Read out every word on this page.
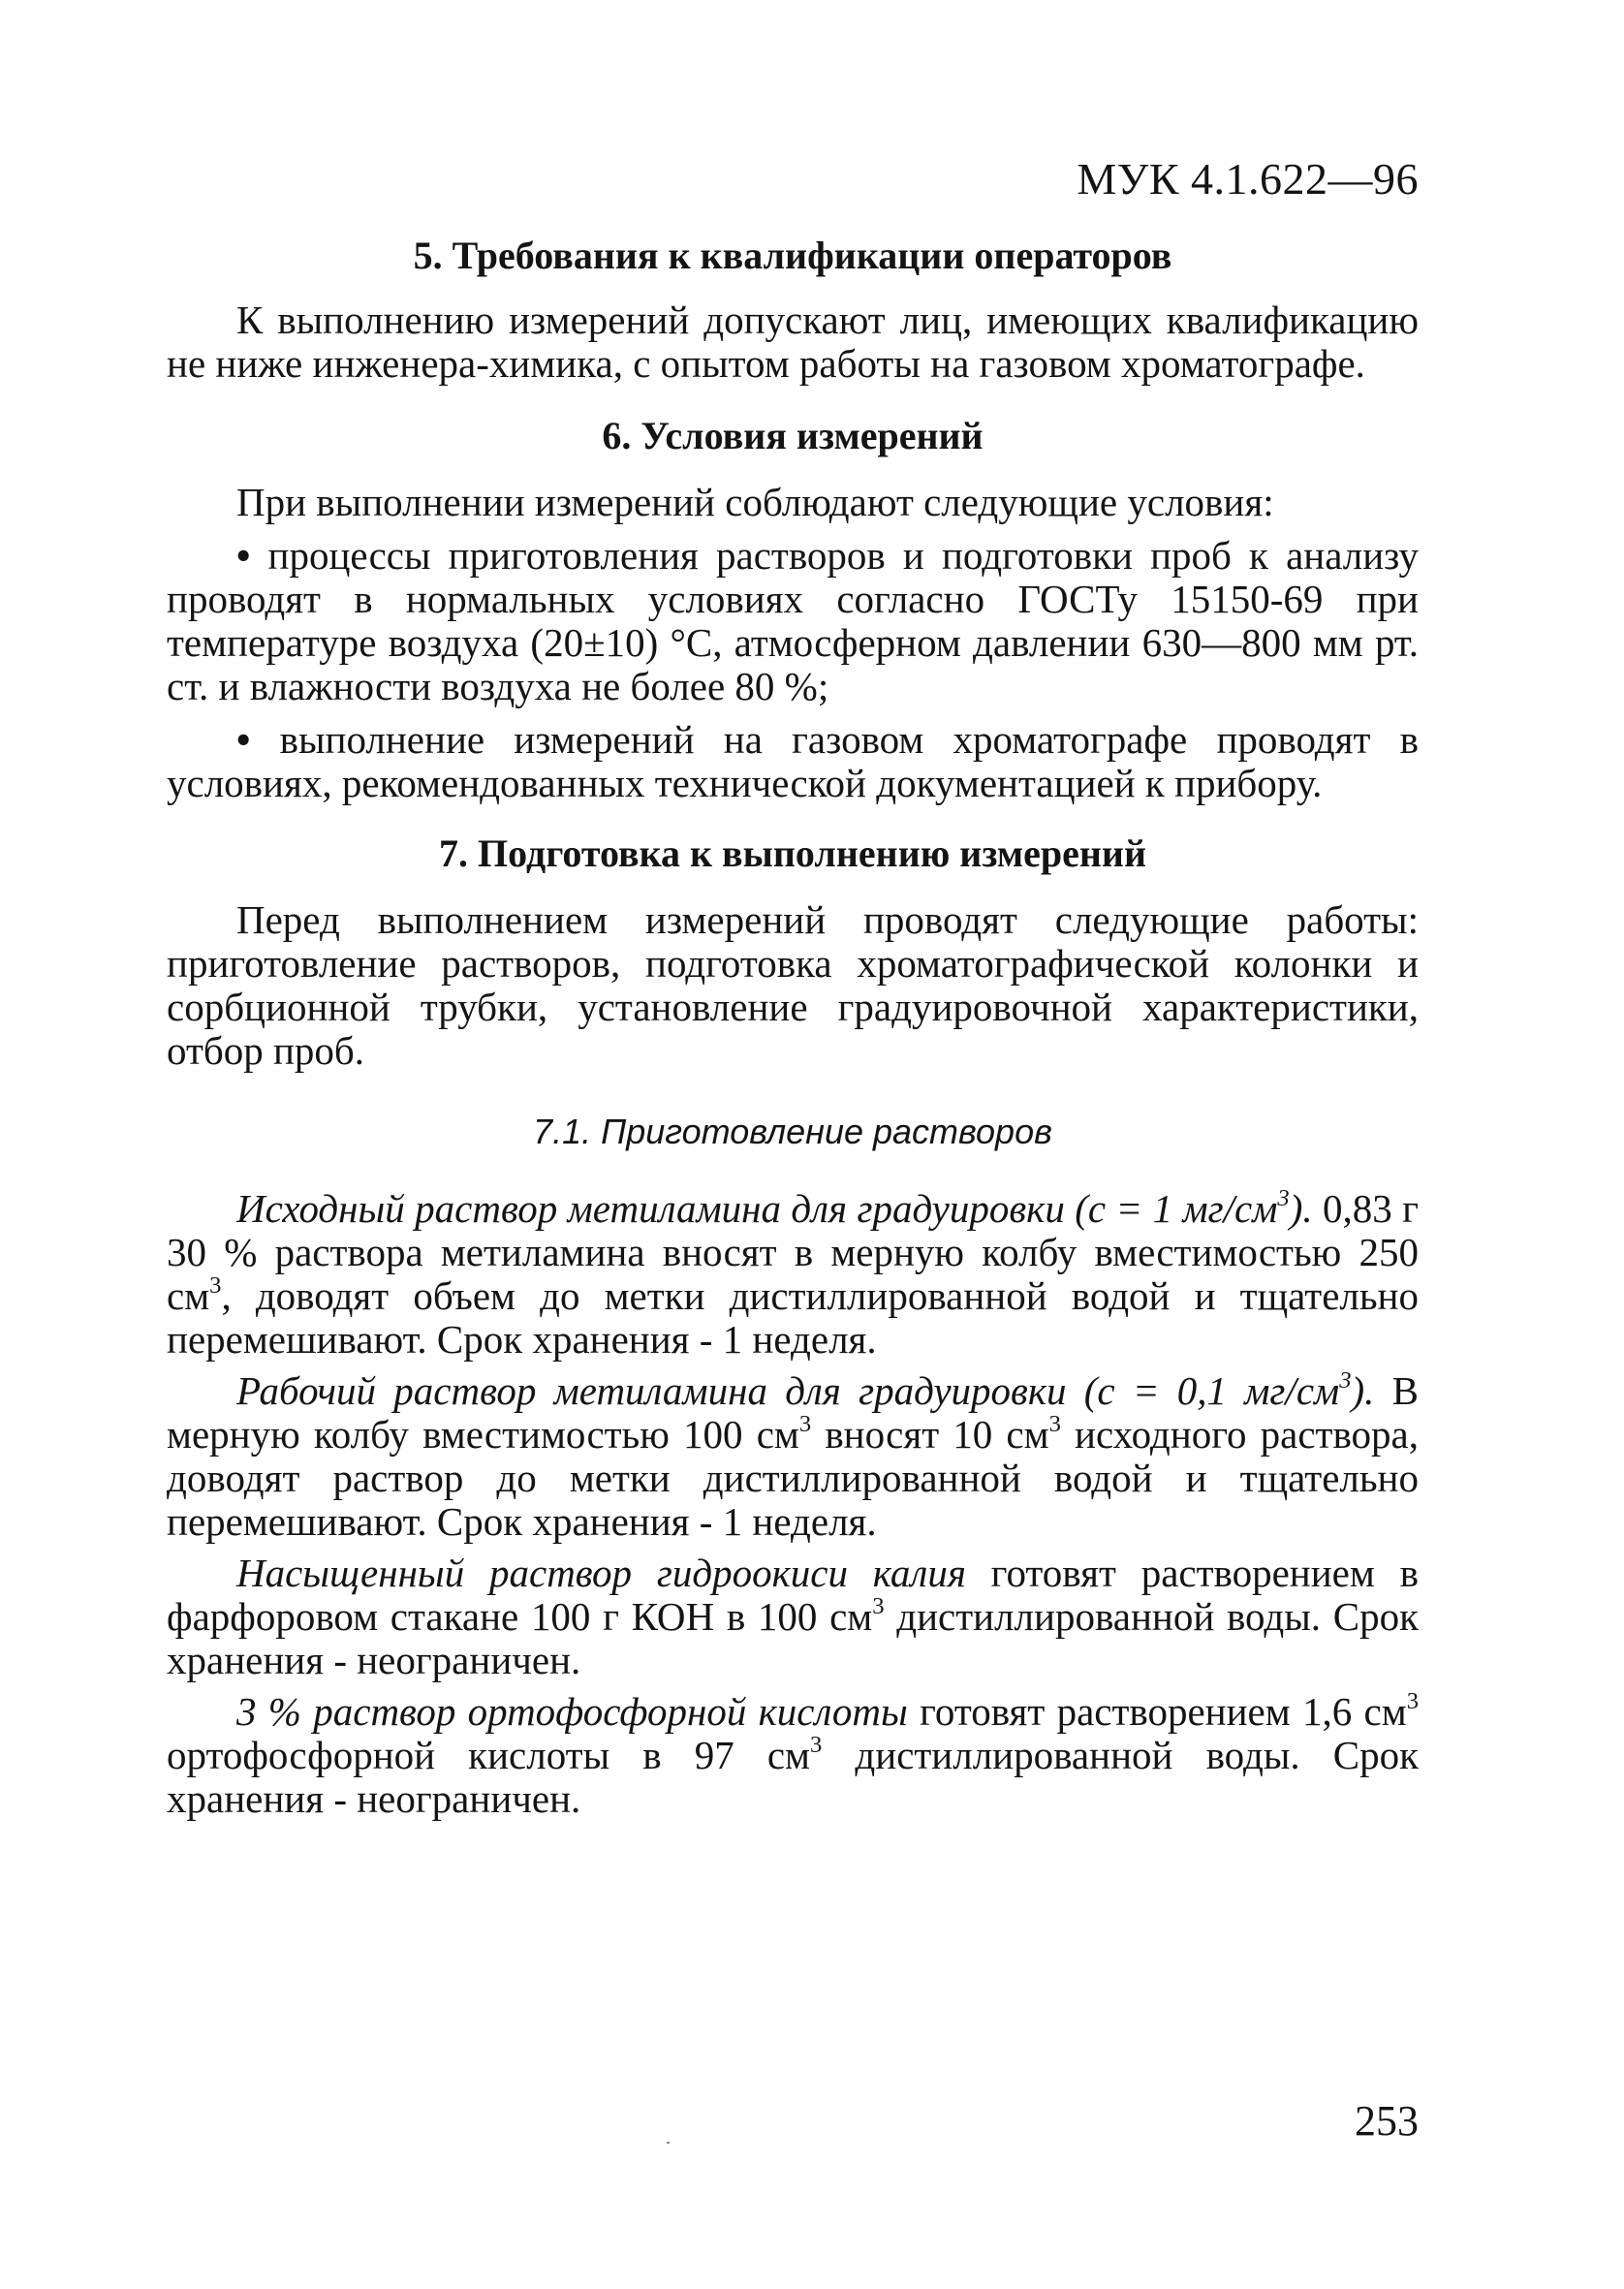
МУК 4.1.622—96
5. Требования к квалификации операторов

К выполнению измерений допускают лиц, имеющих квалификацию не ниже инженера-химика, с опытом работы на газовом хроматографе.

6. Условия измерений

При выполнении измерений соблюдают следующие условия:

• процессы приготовления растворов и подготовки проб к анализу проводят в нормальных условиях согласно ГОСТу 15150-69 при температуре воздуха (20±10) °С, атмосферном давлении 630—800 мм рт. ст. и влажности воздуха не более 80 %;

• выполнение измерений на газовом хроматографе проводят в условиях, рекомендованных технической документацией к прибору.

7. Подготовка к выполнению измерений

Перед выполнением измерений проводят следующие работы: приготовление растворов, подготовка хроматографической колонки и сорбционной трубки, установление градуировочной характеристики, отбор проб.

7.1. Приготовление растворов

Исходный раствор метиламина для градуировки (с = 1 $мг/см^3$). 0,83 г 30 % раствора метиламина вносят в мерную колбу вместимостью 250 $см^3$, доводят объем до метки дистиллированной водой и тщательно перемешивают. Срок хранения - 1 неделя.

Рабочий раствор метиламина для градуировки (с = 0,1 $мг/см^3$). В мерную колбу вместимостью 100 $см^3$ вносят 10 $см^3$ исходного раствора, доводят раствор до метки дистиллированной водой и тщательно перемешивают. Срок хранения - 1 неделя.

Насыщенный раствор гидроокиси калия готовят растворением в фарфоровом стакане 100 г КОН в 100 $см^3$ дистиллированной воды. Срок хранения - неограничен.

3 % раствор ортофосфорной кислоты готовят растворением 1,6 $см^3$ ортофосфорной кислоты в 97 $см^3$ дистиллированной воды. Срок хранения - неограничен.

253
